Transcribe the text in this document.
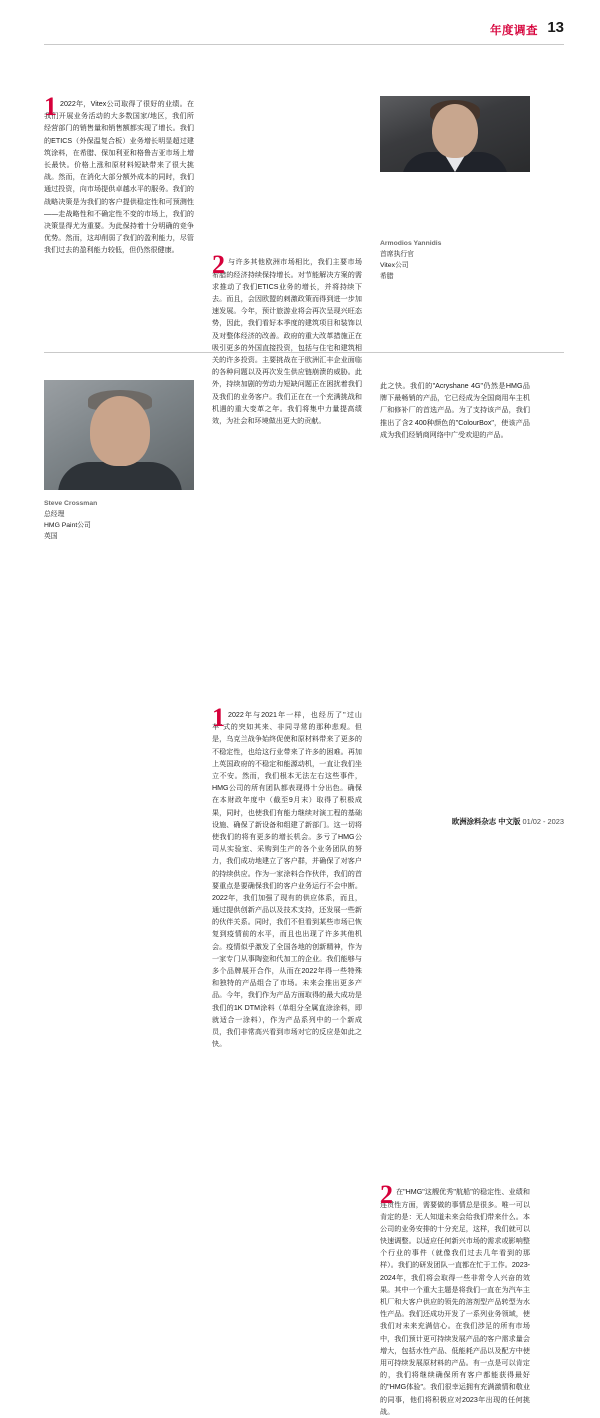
年度调查 13
1 2022年，Vitex公司取得了很好的业绩。在我们开展业务活动的大多数国家/地区，我们所经营部门的销售量和销售额都实现了增长。我们的ETICS（外保温复合板）业务增长明显超过建筑涂料，在希腊、保加利亚和格鲁吉亚市场上增长最快。价格上涨和原材料短缺带来了很大挑战。然而，在消化大部分额外成本的同时，我们通过投资，向市场提供卓越水平的服务。我们的战略决策是为我们的客户提供稳定性和可预测性——走战略性和不确定性不变的市场上，我们的决策显得尤为重要。为此保持着十分明确的竞争优势。然而，这却削弱了我们的盈利能力，尽管我们过去的盈利能力较低，但仍然很健康。

2 与许多其他欧洲市场相比，我们主要市场希腊的经济持续保持增长。对节能解决方案的需求推动了我们ETICS业务的增长，并将持续下去。而且，会因欧盟的刺激政策而得到进一步加速发展。今年，预计旅游业将会再次呈现兴旺态势，因此，我们看好本季度的建筑项目和装饰以及对整体经济的改善。政府的重大改革措施正在吸引更多的外国直接投资，包括与住宅和建筑相关的许多投资。主要挑战在于欧洲汇丰企业面临的各种问题以及再次发生供应链崩溃的威胁。此外，持续加剧的劳动力短缺问题正在困扰着我们及我们的业务客户。我们正在在一个充满挑战和机遇的重大变革之年。我们将集中力量提高绩效，为社会和环境做出更大的贡献。

Armodios Yannidis
首席执行官
Vitex公司
希腊
Steve Crossman
总经理
HMG Paint公司
英国
1 2022年与2021年一样，也经历了"过山车"式的突如其来、非同寻常的那种悲观。但是，乌克兰战争始终促使和原材料带来了更多的不稳定性，也给这行业带来了许多的困难。再加上英国政府的不稳定和能源动机，一直让我们坐立不安。然而，我们根本无法左右这些事件，HMG公司的所有团队都表现得十分出色。确保在本财政年度中（截至9月末）取得了积极成果，同时，也使我们有能力继续对演工程的基础设施、确保了新设备和组建了新部门。这一切将使我们的将有更多的增长机会。多亏了HMG公司从实验室、采购到生产的各个业务团队的努力，我们成功地建立了客户群，并确保了对客户的持续供应。作为一家涂料合作伙伴，我们的首要重点是要确保我们的客户业务运行不会中断。2022年，我们加强了现有的供应体系，而且，通过提供创新产品以及技术支持，还发展一些新的伙伴关系。同时，我们不但看到某些市场已恢复到疫情前的水平，而且也出现了许多其他机会。疫情似乎激发了全国各地的创新精神，作为一家专门从事陶瓷和代加工的企业。我们能够与多个品牌展开合作，从而在2022年得一些特殊和独特的产品组合了市场。未来会推出更多产品。今年，我们作为产品方面取得的最大成功是我们的1K DTM涂料（单组分全属直涂涂料，即就适合一涂料），作为产品系列中的一个新成员，我们非常高兴看到市场对它的反应是如此之快。

此之快。我们的"Acryshane 4G"仍然是HMG品牌下最畅销的产品，它已经成为全国商用车主机厂和修补厂的首选产品。为了支持该产品，我们推出了含2 400种颜色的"ColourBox"，使该产品成为我们经销商网络中广受欢迎的产品。

2 在"HMG"这艘优秀"航船"的稳定性、业绩和连贯性方面，需要做的事情总是很多。唯一可以肯定的是：无人知道未来会给我们带来什么。本公司的业务安排的十分充足，这样，我们就可以快速调整。以适应任何新兴市场的需求或影响整个行业的事件（就像我们过去几年看到的那样）。我们的研发团队一直都在忙于工作。2023-2024年，我们将会取得一些非常令人兴奋的效果。其中一个重大主题是将我们一直在为汽车主机厂和大客户供应的领先的溶剂型产品转型为水性产品。我们还成功开发了一系列业务领域，使我们对未来充满信心。在我们涉足的所有市场中，我们预计更可持续发展产品的客户需求量会增大，包括水性产品、低能耗产品以及配方中使用可持续发展原材料的产品。有一点是可以肯定的，我们将继续确保所有客户都能获得最好的"HMG体验"。我们很幸运拥有充满激情和敬业的同事，他们将积极应对2023年出现的任何挑战。

欧洲涂料杂志 中文版 01/02 - 2023
